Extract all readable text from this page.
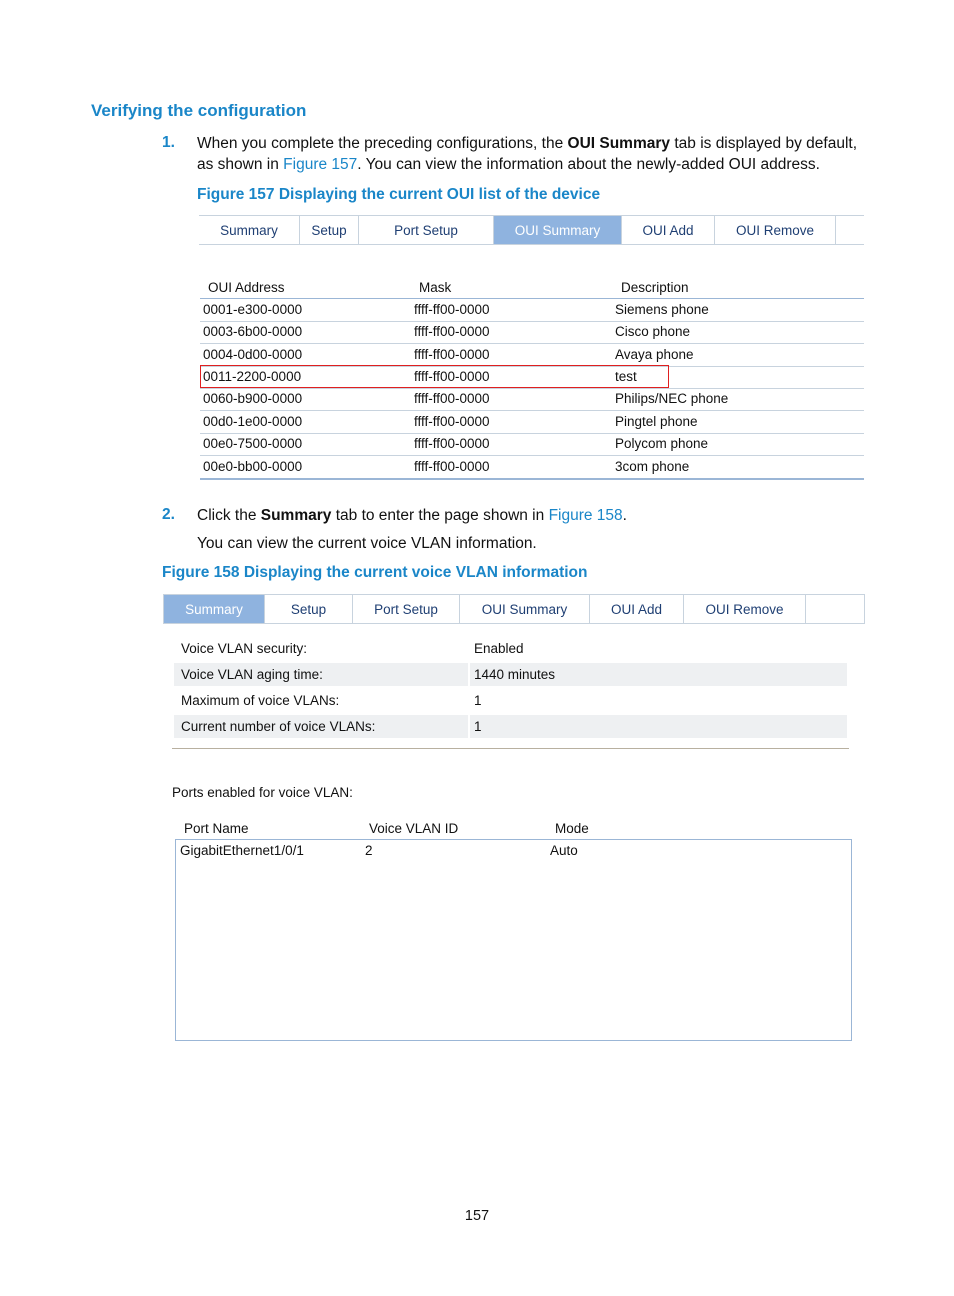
Verifying the configuration
1. When you complete the preceding configurations, the OUI Summary tab is displayed by default,
as shown in Figure 157. You can view the information about the newly-added OUI address.
Figure 157 Displaying the current OUI list of the device
Summary	Setup	Port Setup	OUI Summary	OUI Add	OUI Remove
OUI Address	Mask	Description
0001-e300-0000	ffff-ff00-0000	Siemens phone
0003-6b00-0000	ffff-ff00-0000	Cisco phone
0004-0d00-0000	ffff-ff00-0000	Avaya phone
0011-2200-0000	ffff-ff00-0000	test
0060-b900-0000	ffff-ff00-0000	Philips/NEC phone
00d0-1e00-0000	ffff-ff00-0000	Pingtel phone
00e0-7500-0000	ffff-ff00-0000	Polycom phone
00e0-bb00-0000	ffff-ff00-0000	3com phone
2. Click the Summary tab to enter the page shown in Figure 158.
You can view the current voice VLAN information.
Figure 158 Displaying the current voice VLAN information
Summary	Setup	Port Setup	OUI Summary	OUI Add	OUI Remove
Voice VLAN security:	Enabled
Voice VLAN aging time:	1440 minutes
Maximum of voice VLANs:	1
Current number of voice VLANs:	1
Ports enabled for voice VLAN:
Port Name	Voice VLAN ID	Mode
GigabitEthernet1/0/1	2	Auto
157
